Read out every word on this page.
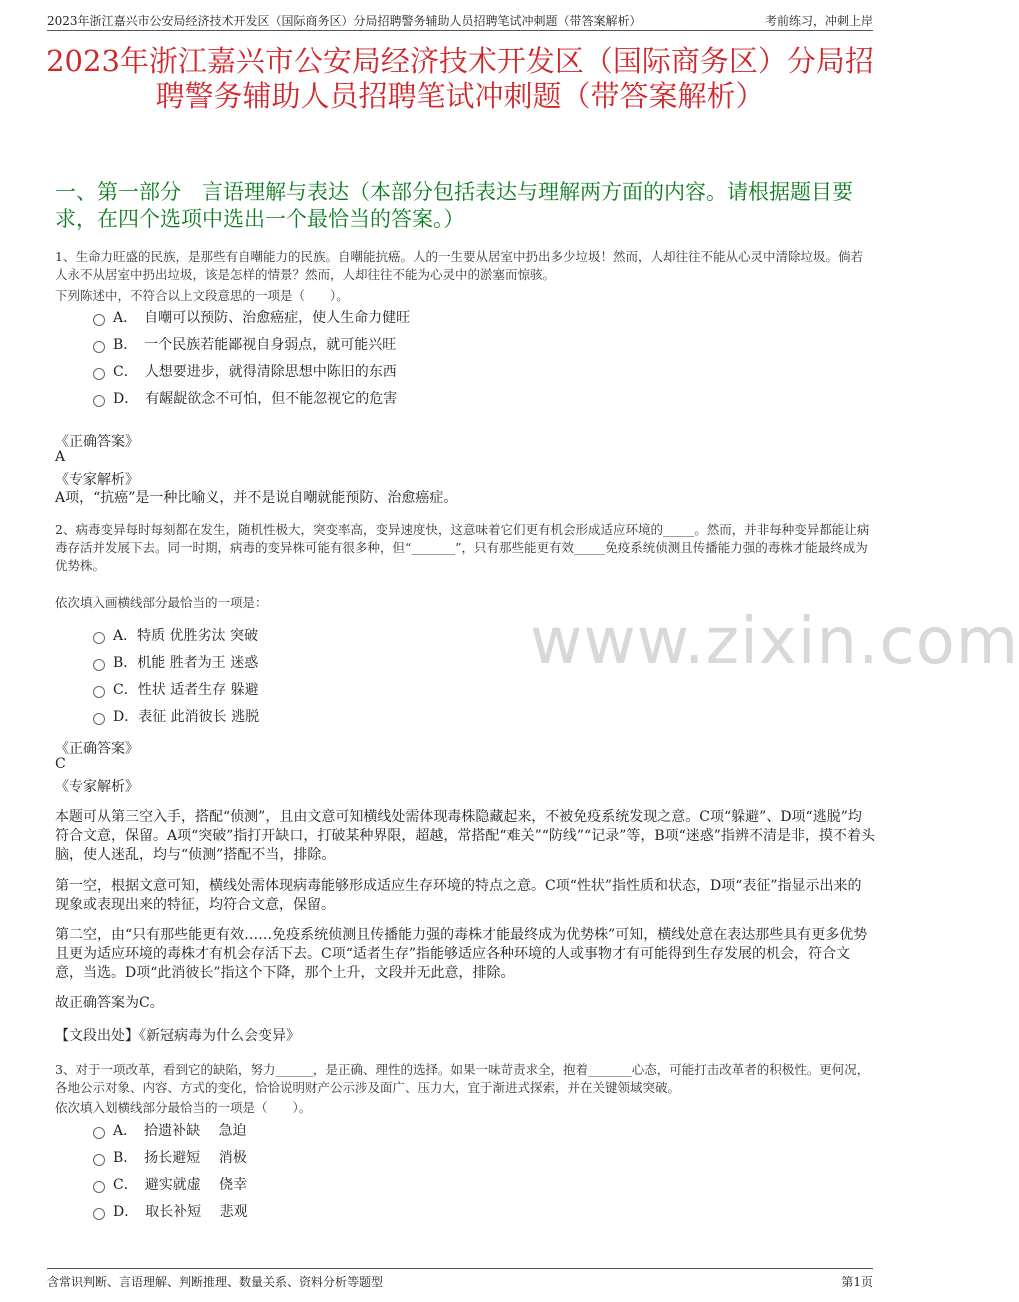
2023年浙江嘉兴市公安局经济技术开发区（国际商务区）分局招聘警务辅助人员招聘笔试冲刺题（带答案解析）	考前练习，冲刺上岸
2023年浙江嘉兴市公安局经济技术开发区（国际商务区）分局招聘警务辅助人员招聘笔试冲刺题（带答案解析）
一、第一部分　言语理解与表达（本部分包括表达与理解两方面的内容。请根据题目要求，在四个选项中选出一个最恰当的答案。）
www.zixin.com
1、生命力旺盛的民族，是那些有自嘲能力的民族。自嘲能抗癌。人的一生要从居室中扔出多少垃圾！然而，人却往往不能从心灵中清除垃圾。倘若人永不从居室中扔出垃圾，该是怎样的情景？然而，人却往往不能为心灵中的淤塞而惊骇。
下列陈述中，不符合以上文段意思的一项是（　　）。
A．　自嘲可以预防、治愈癌症，使人生命力健旺
B．　一个民族若能鄙视自身弱点，就可能兴旺
C．　人想要进步，就得清除思想中陈旧的东西
D．　有龌龊欲念不可怕，但不能忽视它的危害
《正确答案》
A
《专家解析》
A项，“抗癌”是一种比喻义，并不是说自嘲就能预防、治愈癌症。
2、病毒变异每时每刻都在发生，随机性极大，突变率高，变异速度快，这意味着它们更有机会形成适应环境的_____。然而，并非每种变异都能让病毒存活并发展下去。同一时期，病毒的变异株可能有很多种，但“_______”，只有那些能更有效_____免疫系统侦测且传播能力强的毒株才能最终成为优势株。
依次填入画横线部分最恰当的一项是：
A．特质 优胜劣汰 突破
B．机能 胜者为王 迷惑
C．性状 适者生存 躲避
D．表征 此消彼长 逃脱
《正确答案》
C
《专家解析》
本题可从第三空入手，搭配“侦测”，且由文意可知横线处需体现毒株隐藏起来，不被免疫系统发现之意。C项“躲避”、D项“逃脱”均符合文意，保留。A项“突破”指打开缺口，打破某种界限，超越，常搭配“难关”“防线”“记录”等，B项“迷惑”指辨不清是非，摸不着头脑，使人迷乱，均与“侦测”搭配不当，排除。
第一空，根据文意可知，横线处需体现病毒能够形成适应生存环境的特点之意。C项“性状”指性质和状态，D项“表征”指显示出来的现象或表现出来的特征，均符合文意，保留。
第二空，由“只有那些能更有效……免疫系统侦测且传播能力强的毒株才能最终成为优势株”可知，横线处意在表达那些具有更多优势且更为适应环境的毒株才有机会存活下去。C项“适者生存”指能够适应各种环境的人或事物才有可能得到生存发展的机会，符合文意，当选。D项“此消彼长”指这个下降，那个上升，文段并无此意，排除。
故正确答案为C。
【文段出处】《新冠病毒为什么会变异》
3、对于一项改革，看到它的缺陷，努力______，是正确、理性的选择。如果一味苛责求全，抱着_______心态，可能打击改革者的积极性。更何况，各地公示对象、内容、方式的变化，恰恰说明财产公示涉及面广、压力大，宜于渐进式探索，并在关键领域突破。
依次填入划横线部分最恰当的一项是（　　）。
A．　拾遗补缺　 急迫
B．　扬长避短　 消极
C．　避实就虚　 侥幸
D．　取长补短　 悲观
含常识判断、言语理解、判断推理、数量关系、资料分析等题型	第1页
